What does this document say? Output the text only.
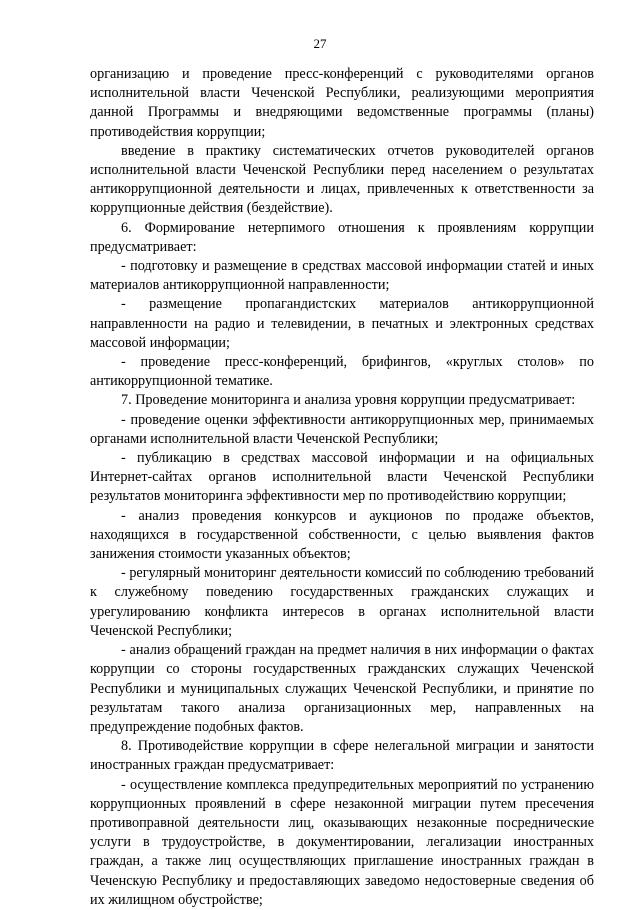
27

организацию и проведение пресс-конференций с руководителями органов исполнительной власти Чеченской Республики, реализующими мероприятия данной Программы и внедряющими ведомственные программы (планы) противодействия коррупции;

введение в практику систематических отчетов руководителей органов исполнительной власти Чеченской Республики перед населением о результатах антикоррупционной деятельности и лицах, привлеченных к ответственности за коррупционные действия (бездействие).

6. Формирование нетерпимого отношения к проявлениям коррупции предусматривает:

- подготовку и размещение в средствах массовой информации статей и иных материалов антикоррупционной направленности;

- размещение пропагандистских материалов антикоррупционной направленности на радио и телевидении, в печатных и электронных средствах массовой информации;

- проведение пресс-конференций, брифингов, «круглых столов» по антикоррупционной тематике.

7. Проведение мониторинга и анализа уровня коррупции предусматривает:

- проведение оценки эффективности антикоррупционных мер, принимаемых органами исполнительной власти Чеченской Республики;

- публикацию в средствах массовой информации и на официальных Интернет-сайтах органов исполнительной власти Чеченской Республики результатов мониторинга эффективности мер по противодействию коррупции;

- анализ проведения конкурсов и аукционов по продаже объектов, находящихся в государственной собственности, с целью выявления фактов занижения стоимости указанных объектов;

- регулярный мониторинг деятельности комиссий по соблюдению требований к служебному поведению государственных гражданских служащих и урегулированию конфликта интересов в органах исполнительной власти Чеченской Республики;

- анализ обращений граждан на предмет наличия в них информации о фактах коррупции со стороны государственных гражданских служащих Чеченской Республики и муниципальных служащих Чеченской Республики, и принятие по результатам такого анализа организационных мер, направленных на предупреждение подобных фактов.

8. Противодействие коррупции в сфере нелегальной миграции и занятости иностранных граждан предусматривает:

- осуществление комплекса предупредительных мероприятий по устранению коррупционных проявлений в сфере незаконной миграции путем пресечения противоправной деятельности лиц, оказывающих незаконные посреднические услуги в трудоустройстве, в документировании, легализации иностранных граждан, а также лиц осуществляющих приглашение иностранных граждан в Чеченскую Республику и предоставляющих заведомо недостоверные сведения об их жилищном обустройстве;
